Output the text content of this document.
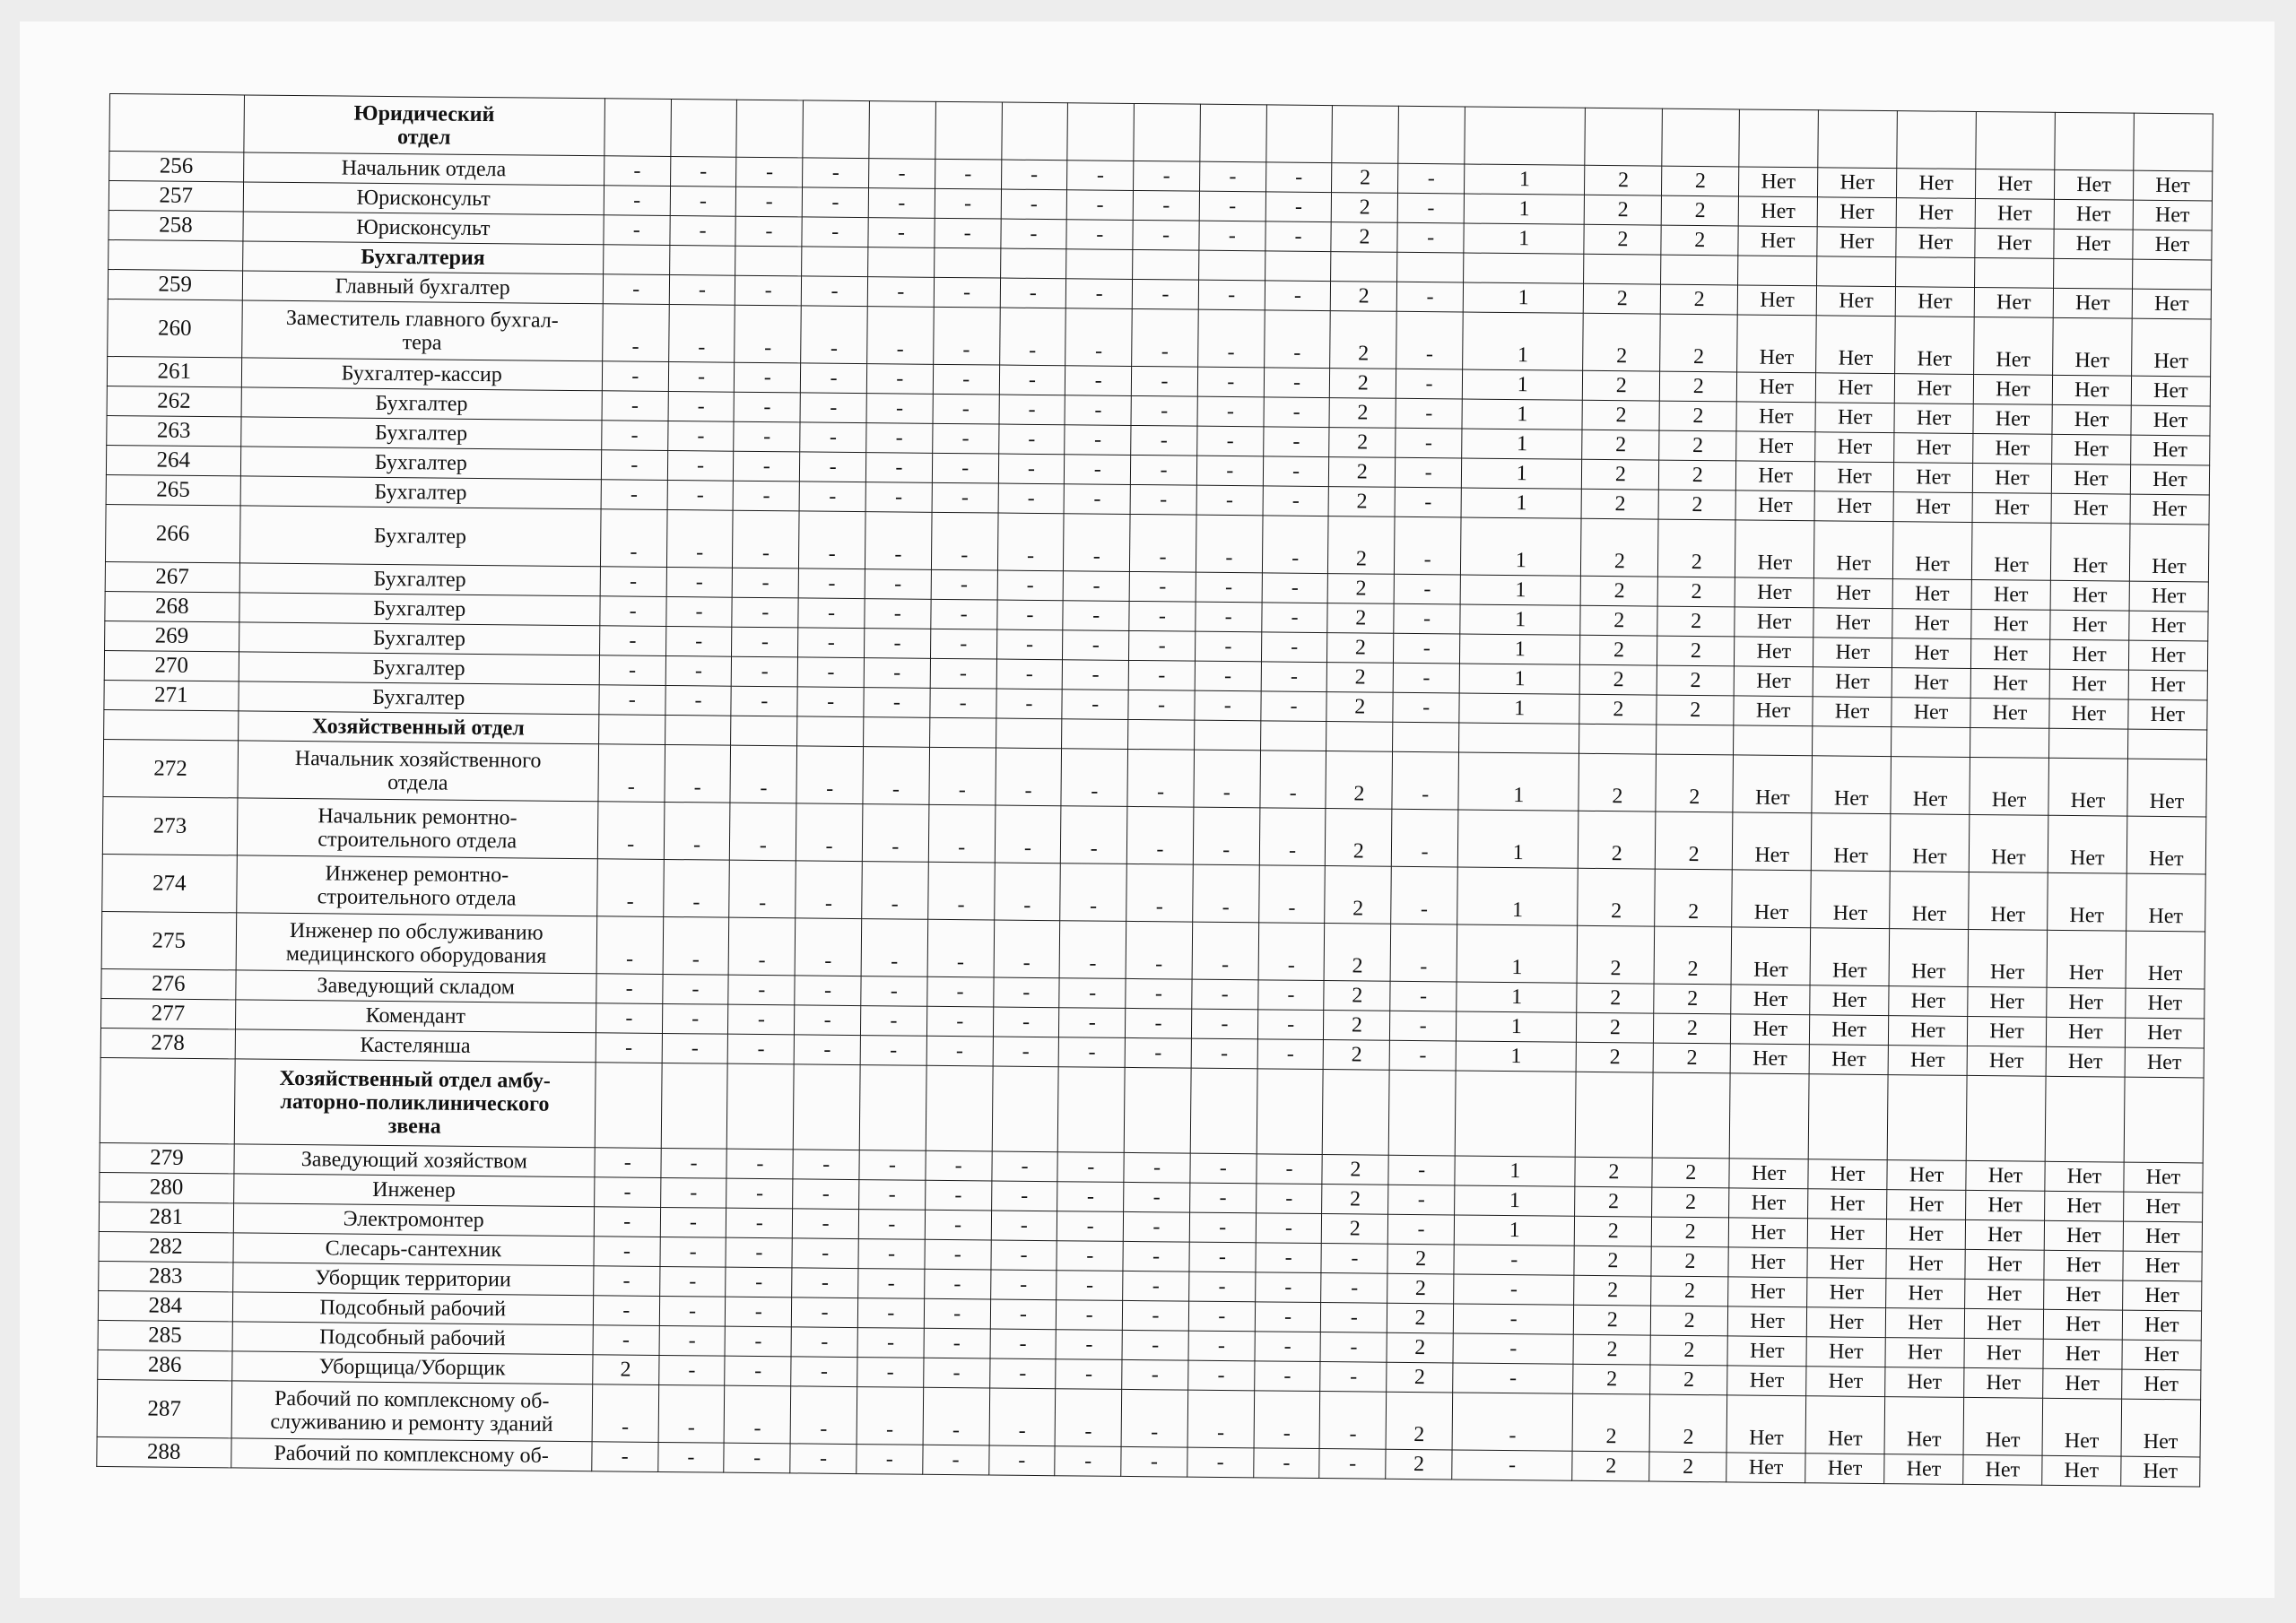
	Юридический
отдел																						
256	Начальник отдела	-	-	-	-	-	-	-	-	-	-	-	2	-	1	2	2	Нет	Нет	Нет	Нет	Нет	Нет
257	Юрисконсульт	-	-	-	-	-	-	-	-	-	-	-	2	-	1	2	2	Нет	Нет	Нет	Нет	Нет	Нет
258	Юрисконсульт	-	-	-	-	-	-	-	-	-	-	-	2	-	1	2	2	Нет	Нет	Нет	Нет	Нет	Нет
	Бухгалтерия																						
259	Главный бухгалтер	-	-	-	-	-	-	-	-	-	-	-	2	-	1	2	2	Нет	Нет	Нет	Нет	Нет	Нет
260	Заместитель главного бухгал-
тера	-	-	-	-	-	-	-	-	-	-	-	2	-	1	2	2	Нет	Нет	Нет	Нет	Нет	Нет
261	Бухгалтер-кассир	-	-	-	-	-	-	-	-	-	-	-	2	-	1	2	2	Нет	Нет	Нет	Нет	Нет	Нет
262	Бухгалтер	-	-	-	-	-	-	-	-	-	-	-	2	-	1	2	2	Нет	Нет	Нет	Нет	Нет	Нет
263	Бухгалтер	-	-	-	-	-	-	-	-	-	-	-	2	-	1	2	2	Нет	Нет	Нет	Нет	Нет	Нет
264	Бухгалтер	-	-	-	-	-	-	-	-	-	-	-	2	-	1	2	2	Нет	Нет	Нет	Нет	Нет	Нет
265	Бухгалтер	-	-	-	-	-	-	-	-	-	-	-	2	-	1	2	2	Нет	Нет	Нет	Нет	Нет	Нет
266	Бухгалтер	-	-	-	-	-	-	-	-	-	-	-	2	-	1	2	2	Нет	Нет	Нет	Нет	Нет	Нет
267	Бухгалтер	-	-	-	-	-	-	-	-	-	-	-	2	-	1	2	2	Нет	Нет	Нет	Нет	Нет	Нет
268	Бухгалтер	-	-	-	-	-	-	-	-	-	-	-	2	-	1	2	2	Нет	Нет	Нет	Нет	Нет	Нет
269	Бухгалтер	-	-	-	-	-	-	-	-	-	-	-	2	-	1	2	2	Нет	Нет	Нет	Нет	Нет	Нет
270	Бухгалтер	-	-	-	-	-	-	-	-	-	-	-	2	-	1	2	2	Нет	Нет	Нет	Нет	Нет	Нет
271	Бухгалтер	-	-	-	-	-	-	-	-	-	-	-	2	-	1	2	2	Нет	Нет	Нет	Нет	Нет	Нет
	Хозяйственный отдел																						
272	Начальник хозяйственного
отдела	-	-	-	-	-	-	-	-	-	-	-	2	-	1	2	2	Нет	Нет	Нет	Нет	Нет	Нет
273	Начальник ремонтно-
строительного отдела	-	-	-	-	-	-	-	-	-	-	-	2	-	1	2	2	Нет	Нет	Нет	Нет	Нет	Нет
274	Инженер ремонтно-
строительного отдела	-	-	-	-	-	-	-	-	-	-	-	2	-	1	2	2	Нет	Нет	Нет	Нет	Нет	Нет
275	Инженер по обслуживанию
медицинского оборудования	-	-	-	-	-	-	-	-	-	-	-	2	-	1	2	2	Нет	Нет	Нет	Нет	Нет	Нет
276	Заведующий складом	-	-	-	-	-	-	-	-	-	-	-	2	-	1	2	2	Нет	Нет	Нет	Нет	Нет	Нет
277	Комендант	-	-	-	-	-	-	-	-	-	-	-	2	-	1	2	2	Нет	Нет	Нет	Нет	Нет	Нет
278	Кастелянша	-	-	-	-	-	-	-	-	-	-	-	2	-	1	2	2	Нет	Нет	Нет	Нет	Нет	Нет
	Хозяйственный отдел амбу-
латорно-поликлинического
звена																						
279	Заведующий хозяйством	-	-	-	-	-	-	-	-	-	-	-	2	-	1	2	2	Нет	Нет	Нет	Нет	Нет	Нет
280	Инженер	-	-	-	-	-	-	-	-	-	-	-	2	-	1	2	2	Нет	Нет	Нет	Нет	Нет	Нет
281	Электромонтер	-	-	-	-	-	-	-	-	-	-	-	2	-	1	2	2	Нет	Нет	Нет	Нет	Нет	Нет
282	Слесарь-сантехник	-	-	-	-	-	-	-	-	-	-	-	-	2	-	2	2	Нет	Нет	Нет	Нет	Нет	Нет
283	Уборщик территории	-	-	-	-	-	-	-	-	-	-	-	-	2	-	2	2	Нет	Нет	Нет	Нет	Нет	Нет
284	Подсобный рабочий	-	-	-	-	-	-	-	-	-	-	-	-	2	-	2	2	Нет	Нет	Нет	Нет	Нет	Нет
285	Подсобный рабочий	-	-	-	-	-	-	-	-	-	-	-	-	2	-	2	2	Нет	Нет	Нет	Нет	Нет	Нет
286	Уборщица/Уборщик	2	-	-	-	-	-	-	-	-	-	-	-	2	-	2	2	Нет	Нет	Нет	Нет	Нет	Нет
287	Рабочий по комплексному об-
служиванию и ремонту зданий	-	-	-	-	-	-	-	-	-	-	-	-	2	-	2	2	Нет	Нет	Нет	Нет	Нет	Нет
288	Рабочий по комплексному об-	-	-	-	-	-	-	-	-	-	-	-	-	2	-	2	2	Нет	Нет	Нет	Нет	Нет	Нет
